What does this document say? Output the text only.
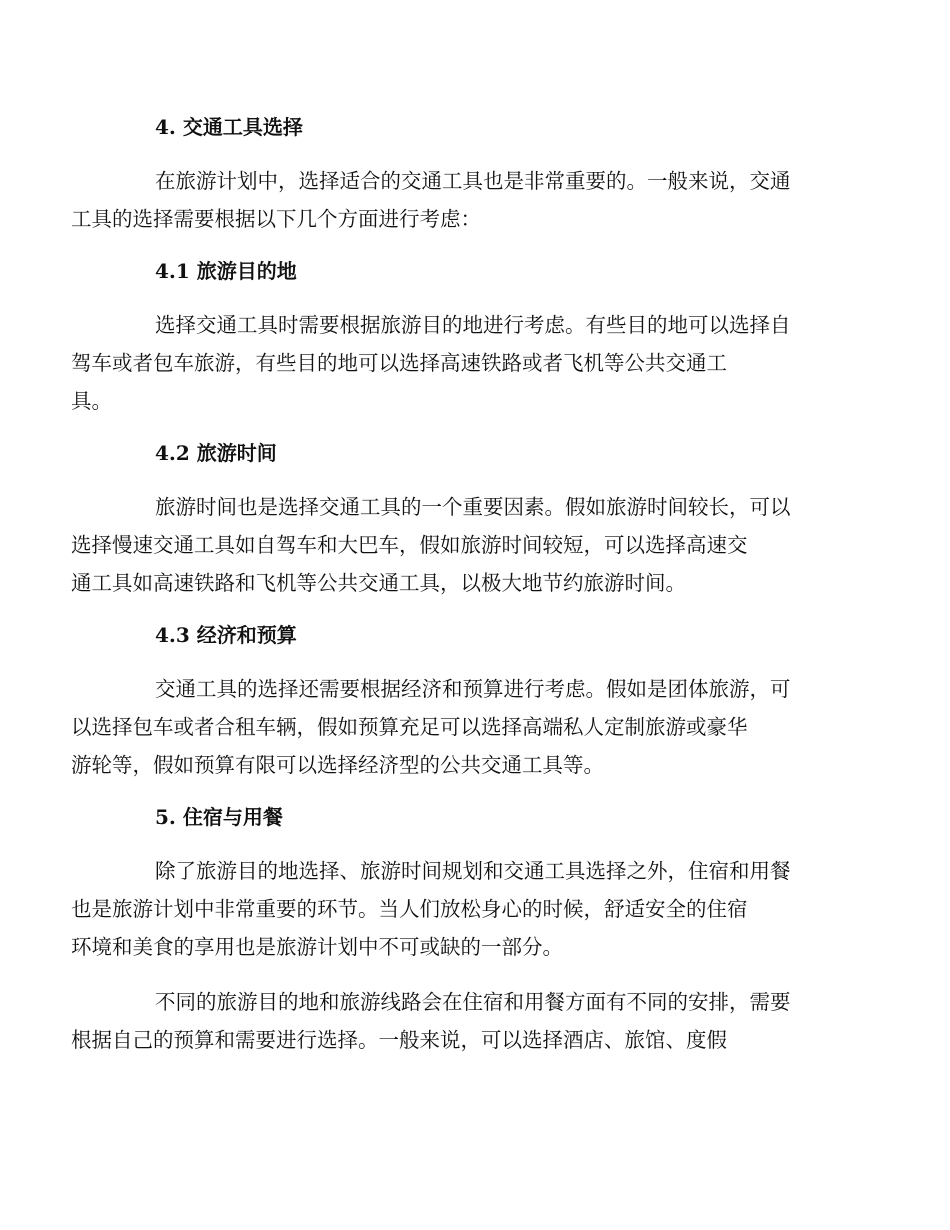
4. 交通工具选择
在旅游计划中，选择适合的交通工具也是非常重要的。一般来说，交通
工具的选择需要根据以下几个方面进行考虑：
4.1 旅游目的地
选择交通工具时需要根据旅游目的地进行考虑。有些目的地可以选择自
驾车或者包车旅游，有些目的地可以选择高速铁路或者飞机等公共交通工
具。
4.2 旅游时间
旅游时间也是选择交通工具的一个重要因素。假如旅游时间较长，可以
选择慢速交通工具如自驾车和大巴车，假如旅游时间较短，可以选择高速交
通工具如高速铁路和飞机等公共交通工具，以极大地节约旅游时间。
4.3 经济和预算
交通工具的选择还需要根据经济和预算进行考虑。假如是团体旅游，可
以选择包车或者合租车辆，假如预算充足可以选择高端私人定制旅游或豪华
游轮等，假如预算有限可以选择经济型的公共交通工具等。
5. 住宿与用餐
除了旅游目的地选择、旅游时间规划和交通工具选择之外，住宿和用餐
也是旅游计划中非常重要的环节。当人们放松身心的时候，舒适安全的住宿
环境和美食的享用也是旅游计划中不可或缺的一部分。
不同的旅游目的地和旅游线路会在住宿和用餐方面有不同的安排，需要
根据自己的预算和需要进行选择。一般来说，可以选择酒店、旅馆、度假
